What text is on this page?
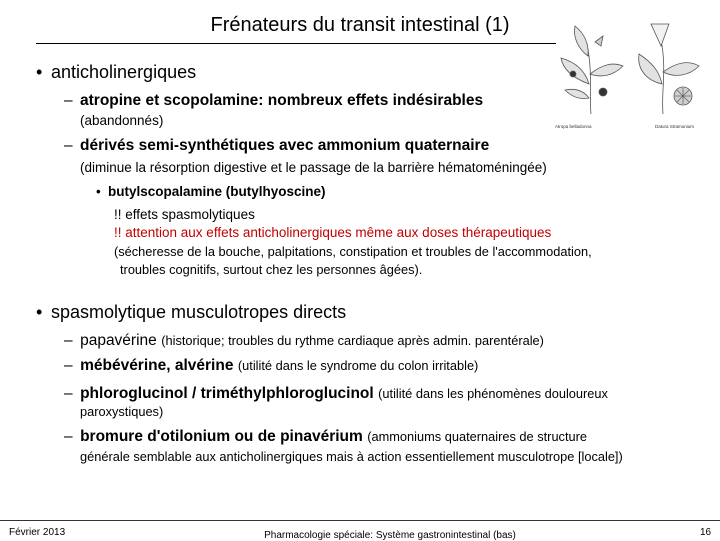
Frénateurs du transit intestinal (1)
Atropa belladonna	Datura Stramonium
• anticholinergiques
– atropine et scopolamine: nombreux effets indésirables
(abandonnés)
– dérivés semi-synthétiques avec ammonium quaternaire
(diminue la résorption digestive et le passage de la barrière hématoméningée)
• butylscopalamine (butylhyoscine)
!! effets spasmolytiques
!! attention aux effets anticholinergiques même aux doses thérapeutiques
(sécheresse de la bouche, palpitations, constipation et troubles de l'accommodation,
troubles cognitifs, surtout chez les personnes âgées).
• spasmolytique musculotropes directs
– papavérine (historique; troubles du rythme cardiaque après admin. parentérale)
– mébévérine, alvérine (utilité dans le syndrome du colon irritable)
– phloroglucinol / triméthylphloroglucinol (utilité dans les phénomènes douloureux
paroxystiques)
– bromure d'otilonium ou de pinavérium (ammoniums quaternaires de structure
générale semblable aux anticholinergiques mais à action essentiellement musculotrope [locale])
Février 2013	Pharmacologie spéciale: Système gastronintestinal (bas)	16
